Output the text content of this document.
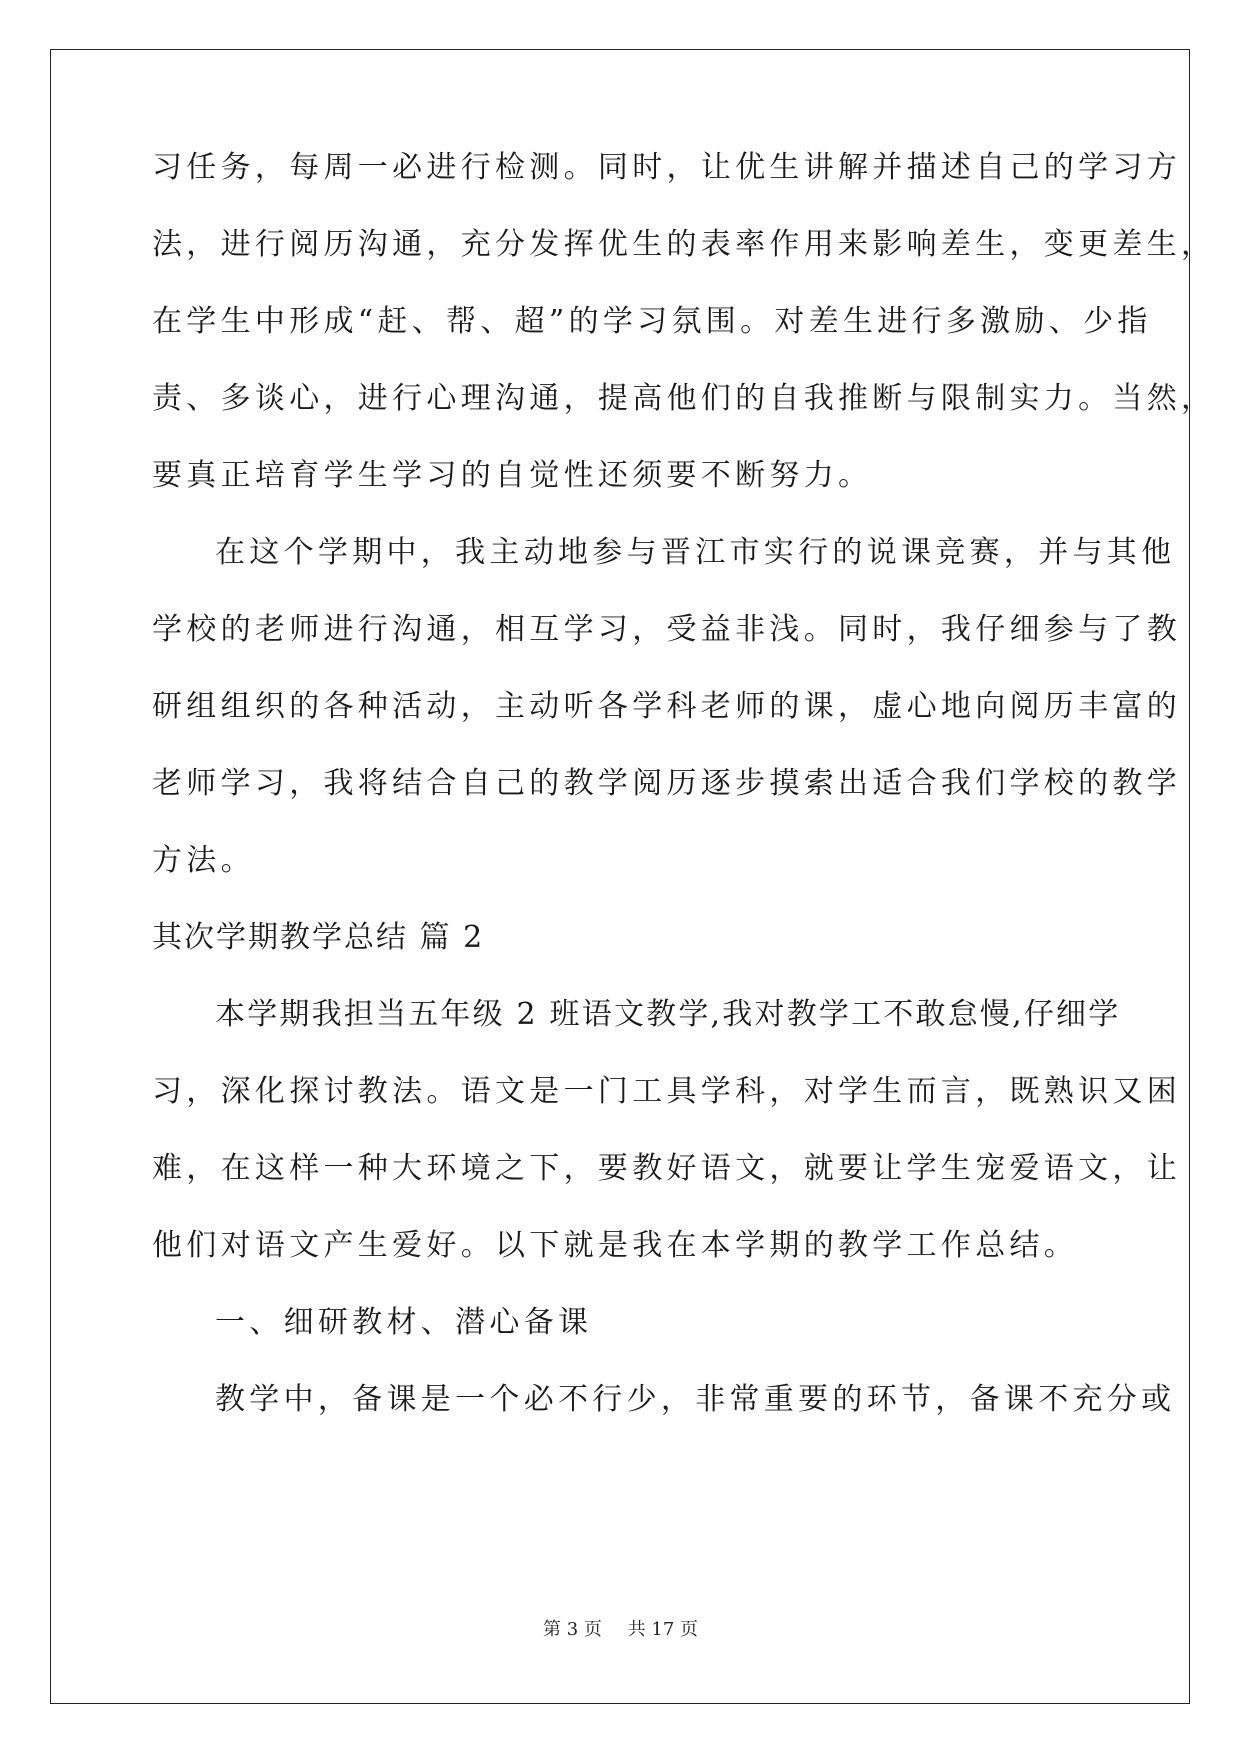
习任务，每周一必进行检测。同时，让优生讲解并描述自己的学习方
法，进行阅历沟通，充分发挥优生的表率作用来影响差生，变更差生，
在学生中形成“赶、帮、超”的学习氛围。对差生进行多激励、少指
责、多谈心，进行心理沟通，提高他们的自我推断与限制实力。当然，
要真正培育学生学习的自觉性还须要不断努力。
在这个学期中，我主动地参与晋江市实行的说课竞赛，并与其他
学校的老师进行沟通，相互学习，受益非浅。同时，我仔细参与了教
研组组织的各种活动，主动听各学科老师的课，虚心地向阅历丰富的
老师学习，我将结合自己的教学阅历逐步摸索出适合我们学校的教学
方法。
其次学期教学总结 篇 2
本学期我担当五年级 2 班语文教学,我对教学工不敢怠慢,仔细学
习，深化探讨教法。语文是一门工具学科，对学生而言，既熟识又困
难，在这样一种大环境之下，要教好语文，就要让学生宠爱语文，让
他们对语文产生爱好。以下就是我在本学期的教学工作总结。
一、细研教材、潜心备课
教学中，备课是一个必不行少，非常重要的环节，备课不充分或
第 3 页 共 17 页
